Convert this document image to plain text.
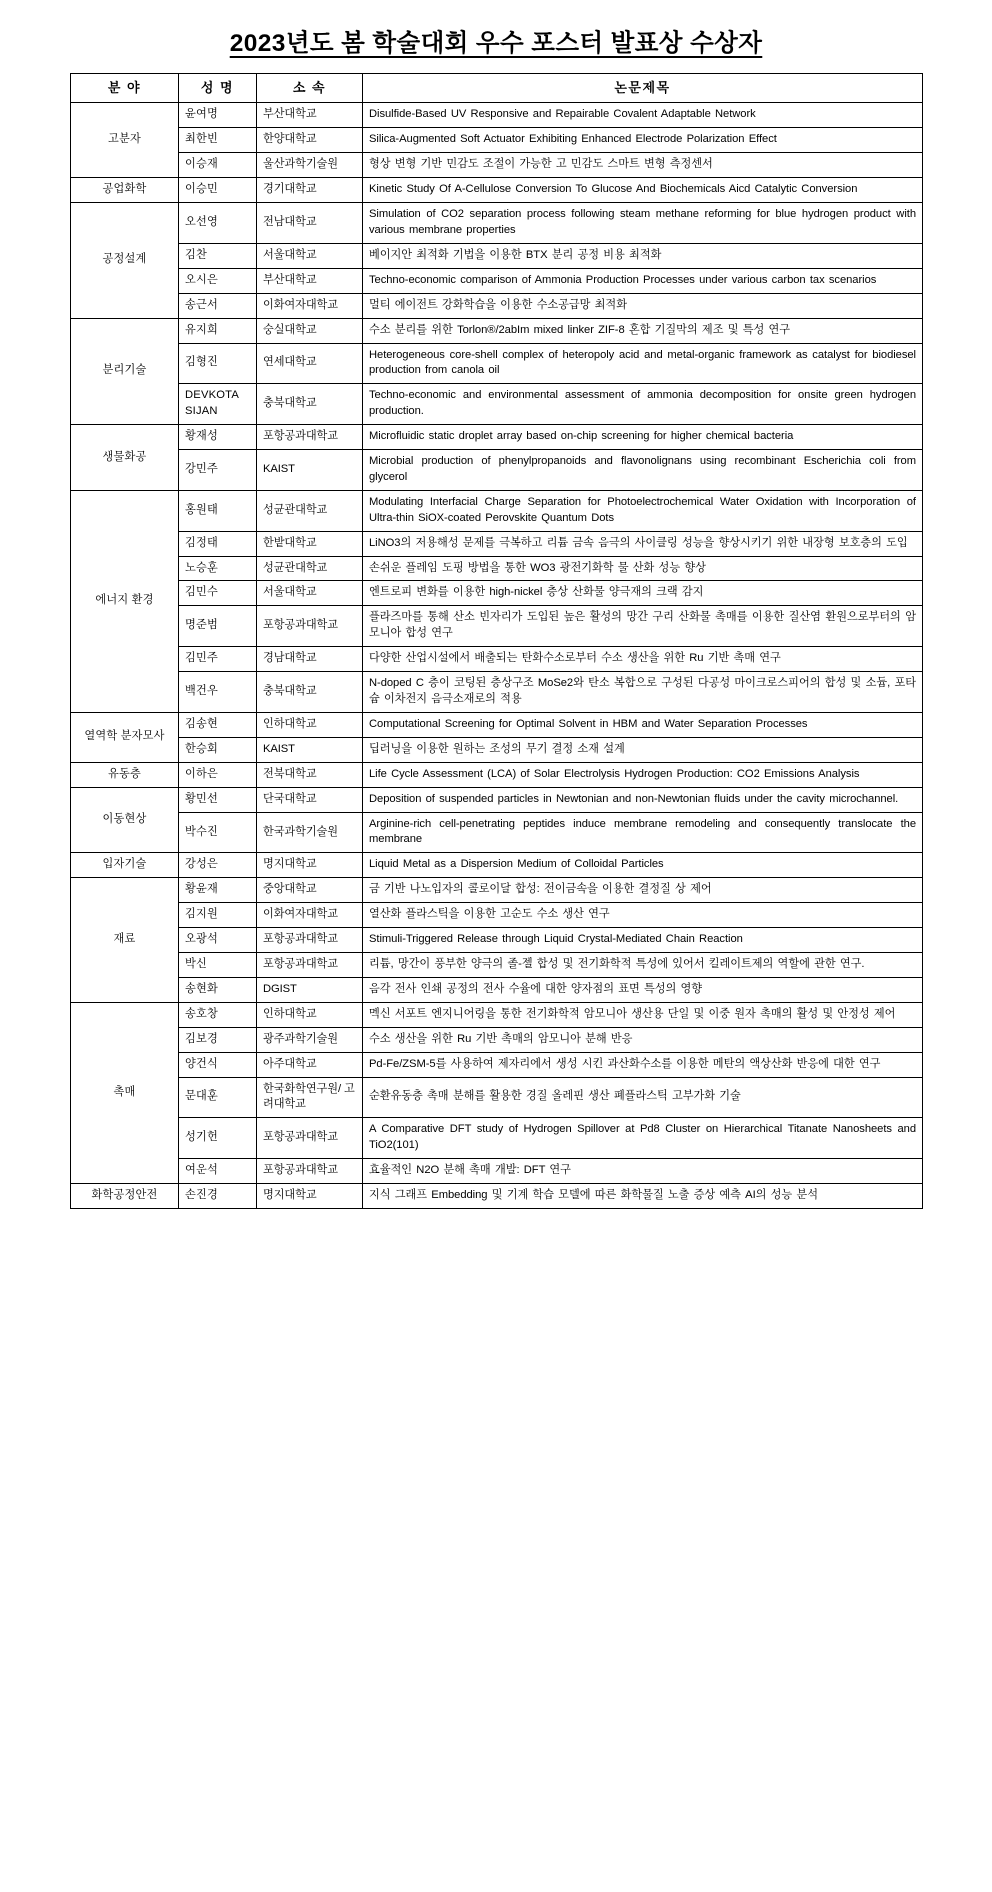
2023년도 봄 학술대회 우수 포스터 발표상 수상자
분 야	성 명	소 속	논문제목
고분자	윤여명	부산대학교	Disulfide-Based UV Responsive and Repairable Covalent Adaptable Network
	최한빈	한양대학교	Silica-Augmented Soft Actuator Exhibiting Enhanced Electrode Polarization Effect
	이승재	울산과학기술원	형상 변형 기반 민감도 조절이 가능한 고 민감도 스마트 변형 측정센서
공업화학	이승민	경기대학교	Kinetic Study Of A-Cellulose Conversion To Glucose And Biochemicals Aicd Catalytic Conversion
공정설계	오선영	전남대학교	Simulation of CO2 separation process following steam methane reforming for blue hydrogen product with various membrane properties
	김찬	서울대학교	베이지안 최적화 기법을 이용한 BTX 분리 공정 비용 최적화
	오시은	부산대학교	Techno-economic comparison of Ammonia Production Processes under various carbon tax scenarios
	송근서	이화여자대학교	멀티 에이전트 강화학습을 이용한 수소공급망 최적화
분리기술	유지희	숭실대학교	수소 분리를 위한 Torlon®/2abIm mixed linker ZIF-8 혼합 기질막의 제조 및 특성 연구
	김형진	연세대학교	Heterogeneous core-shell complex of heteropoly acid and metal-organic framework as catalyst for biodiesel production from canola oil
	DEVKOTA SIJAN	충북대학교	Techno-economic and environmental assessment of ammonia decomposition for onsite green hydrogen production.
생물화공	황재성	포항공과대학교	Microfluidic static droplet array based on-chip screening for higher chemical bacteria
	강민주	KAIST	Microbial production of phenylpropanoids and flavonolignans using recombinant Escherichia coli from glycerol
에너지 환경	홍원태	성균관대학교	Modulating Interfacial Charge Separation for Photoelectrochemical Water Oxidation with Incorporation of Ultra-thin SiOX-coated Perovskite Quantum Dots
	김정태	한밭대학교	LiNO3의 저용해성 문제를 극복하고 리튬 금속 음극의 사이클링 성능을 향상시키기 위한 내장형 보호층의 도입
	노승훈	성균관대학교	손쉬운 플레임 도핑 방법을 통한 WO3 광전기화학 물 산화 성능 향상
	김민수	서울대학교	엔트로피 변화를 이용한 high-nickel 층상 산화물 양극재의 크랙 감지
	명준범	포항공과대학교	플라즈마를 통해 산소 빈자리가 도입된 높은 활성의 망간 구리 산화물 촉매를 이용한 질산염 환원으로부터의 암모니아 합성 연구
	김민주	경남대학교	다양한 산업시설에서 배출되는 탄화수소로부터 수소 생산을 위한 Ru 기반 촉매 연구
	백건우	충북대학교	N-doped C 층이 코팅된 층상구조 MoSe2와 탄소 복합으로 구성된 다공성 마이크로스피어의 합성 및 소듐, 포타슘 이차전지 음극소재로의 적용
열역학 분자모사	김송현	인하대학교	Computational Screening for Optimal Solvent in HBM and Water Separation Processes
	한승회	KAIST	딥러닝을 이용한 원하는 조성의 무기 결정 소재 설계
유동층	이하은	전북대학교	Life Cycle Assessment (LCA) of Solar Electrolysis Hydrogen Production: CO2 Emissions Analysis
이동현상	황민선	단국대학교	Deposition of suspended particles in Newtonian and non-Newtonian fluids under the cavity microchannel.
	박수진	한국과학기술원	Arginine-rich cell-penetrating peptides induce membrane remodeling and consequently translocate the membrane
입자기술	강성은	명지대학교	Liquid Metal as a Dispersion Medium of Colloidal Particles
재료	황윤재	중앙대학교	금 기반 나노입자의 콜로이달 합성: 전이금속을 이용한 결정질 상 제어
	김지원	이화여자대학교	열산화 플라스틱을 이용한 고순도 수소 생산 연구
	오광석	포항공과대학교	Stimuli-Triggered Release through Liquid Crystal-Mediated Chain Reaction
	박신	포항공과대학교	리튬, 망간이 풍부한 양극의 졸-젤 합성 및 전기화학적 특성에 있어서 킬레이트제의 역할에 관한 연구.
	송현화	DGIST	음각 전사 인쇄 공정의 전사 수율에 대한 양자점의 표면 특성의 영향
촉매	송호창	인하대학교	멕신 서포트 엔지니어링을 통한 전기화학적 암모니아 생산용 단일 및 이중 원자 촉매의 활성 및 안정성 제어
	김보경	광주과학기술원	수소 생산을 위한 Ru 기반 촉매의 암모니아 분해 반응
	양건식	아주대학교	Pd-Fe/ZSM-5를 사용하여 제자리에서 생성 시킨 과산화수소를 이용한 메탄의 액상산화 반응에 대한 연구
	문대훈	한국화학연구원/ 고려대학교	순환유동층 촉매 분해를 활용한 경질 올레핀 생산 폐플라스틱 고부가화 기술
	성기헌	포항공과대학교	A Comparative DFT study of Hydrogen Spillover at Pd8 Cluster on Hierarchical Titanate Nanosheets and TiO2(101)
	여운석	포항공과대학교	효율적인 N2O 분해 촉매 개발: DFT 연구
화학공정안전	손진경	명지대학교	지식 그래프 Embedding 및 기계 학습 모델에 따른 화학물질 노출 증상 예측 AI의 성능 분석
